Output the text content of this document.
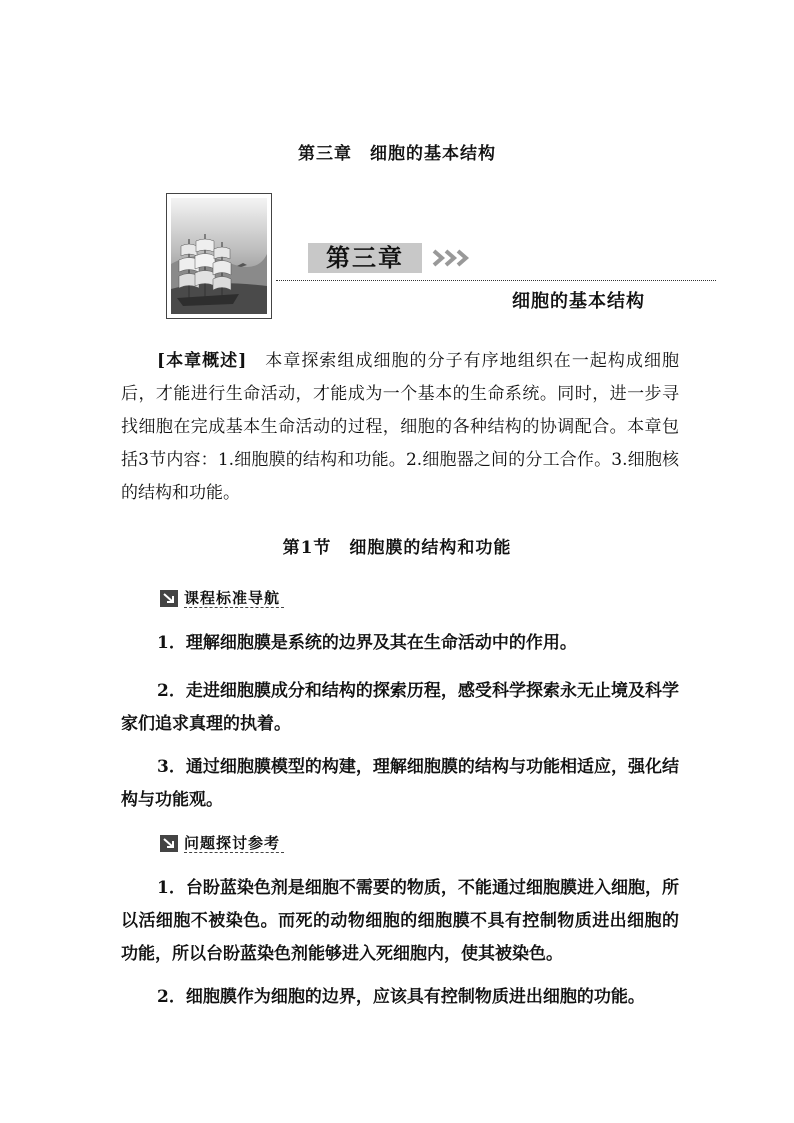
第三章　细胞的基本结构
第三章
细胞的基本结构
[本章概述]　本章探索组成细胞的分子有序地组织在一起构成细胞后，才能进行生命活动，才能成为一个基本的生命系统。同时，进一步寻找细胞在完成基本生命活动的过程，细胞的各种结构的协调配合。本章包括3节内容：1.细胞膜的结构和功能。2.细胞器之间的分工合作。3.细胞核的结构和功能。
第1节　细胞膜的结构和功能
课程标准导航
1．理解细胞膜是系统的边界及其在生命活动中的作用。
2．走进细胞膜成分和结构的探索历程，感受科学探索永无止境及科学家们追求真理的执着。
3．通过细胞膜模型的构建，理解细胞膜的结构与功能相适应，强化结构与功能观。
问题探讨参考
1．台盼蓝染色剂是细胞不需要的物质，不能通过细胞膜进入细胞，所以活细胞不被染色。而死的动物细胞的细胞膜不具有控制物质进出细胞的功能，所以台盼蓝染色剂能够进入死细胞内，使其被染色。
2．细胞膜作为细胞的边界，应该具有控制物质进出细胞的功能。
